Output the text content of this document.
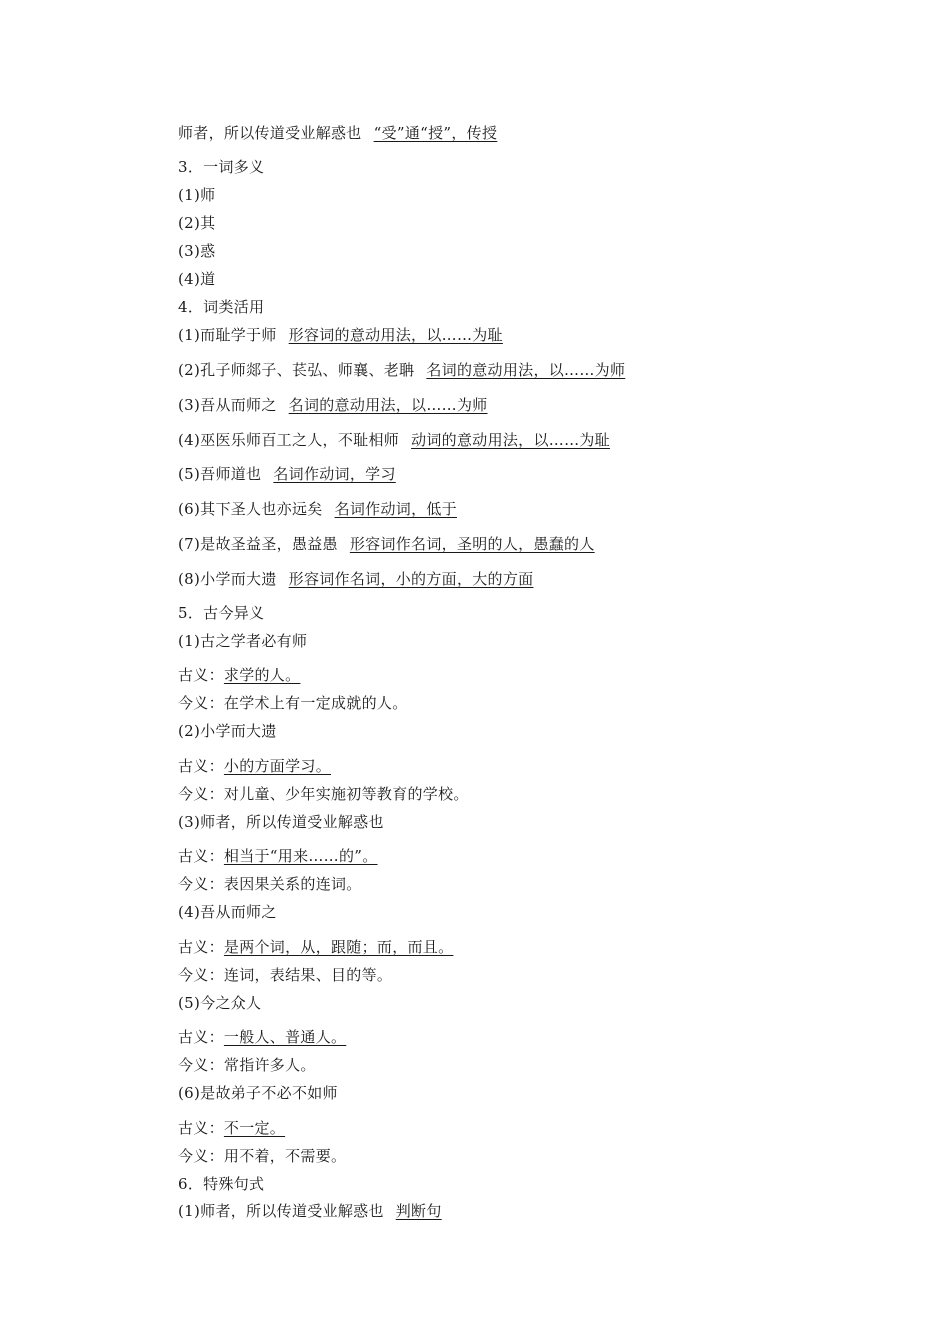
师者，所以传道受业解惑也 “受”通“授”，传授
3．一词多义
(1)师
(2)其
(3)惑
(4)道
4．词类活用
(1)而耻学于师 形容词的意动用法，以……为耻
(2)孔子师郯子、苌弘、师襄、老聃 名词的意动用法，以……为师
(3)吾从而师之 名词的意动用法，以……为师
(4)巫医乐师百工之人，不耻相师 动词的意动用法，以……为耻
(5)吾师道也 名词作动词，学习
(6)其下圣人也亦远矣 名词作动词，低于
(7)是故圣益圣，愚益愚 形容词作名词，圣明的人，愚蠢的人
(8)小学而大遗 形容词作名词，小的方面，大的方面
5．古今异义
(1)古之学者必有师
古义：求学的人。
今义：在学术上有一定成就的人。
(2)小学而大遗
古义：小的方面学习。
今义：对儿童、少年实施初等教育的学校。
(3)师者，所以传道受业解惑也
古义：相当于“用来……的”。
今义：表因果关系的连词。
(4)吾从而师之
古义：是两个词，从，跟随；而，而且。
今义：连词，表结果、目的等。
(5)今之众人
古义：一般人、普通人。
今义：常指许多人。
(6)是故弟子不必不如师
古义：不一定。
今义：用不着，不需要。
6．特殊句式
(1)师者，所以传道受业解惑也 判断句
